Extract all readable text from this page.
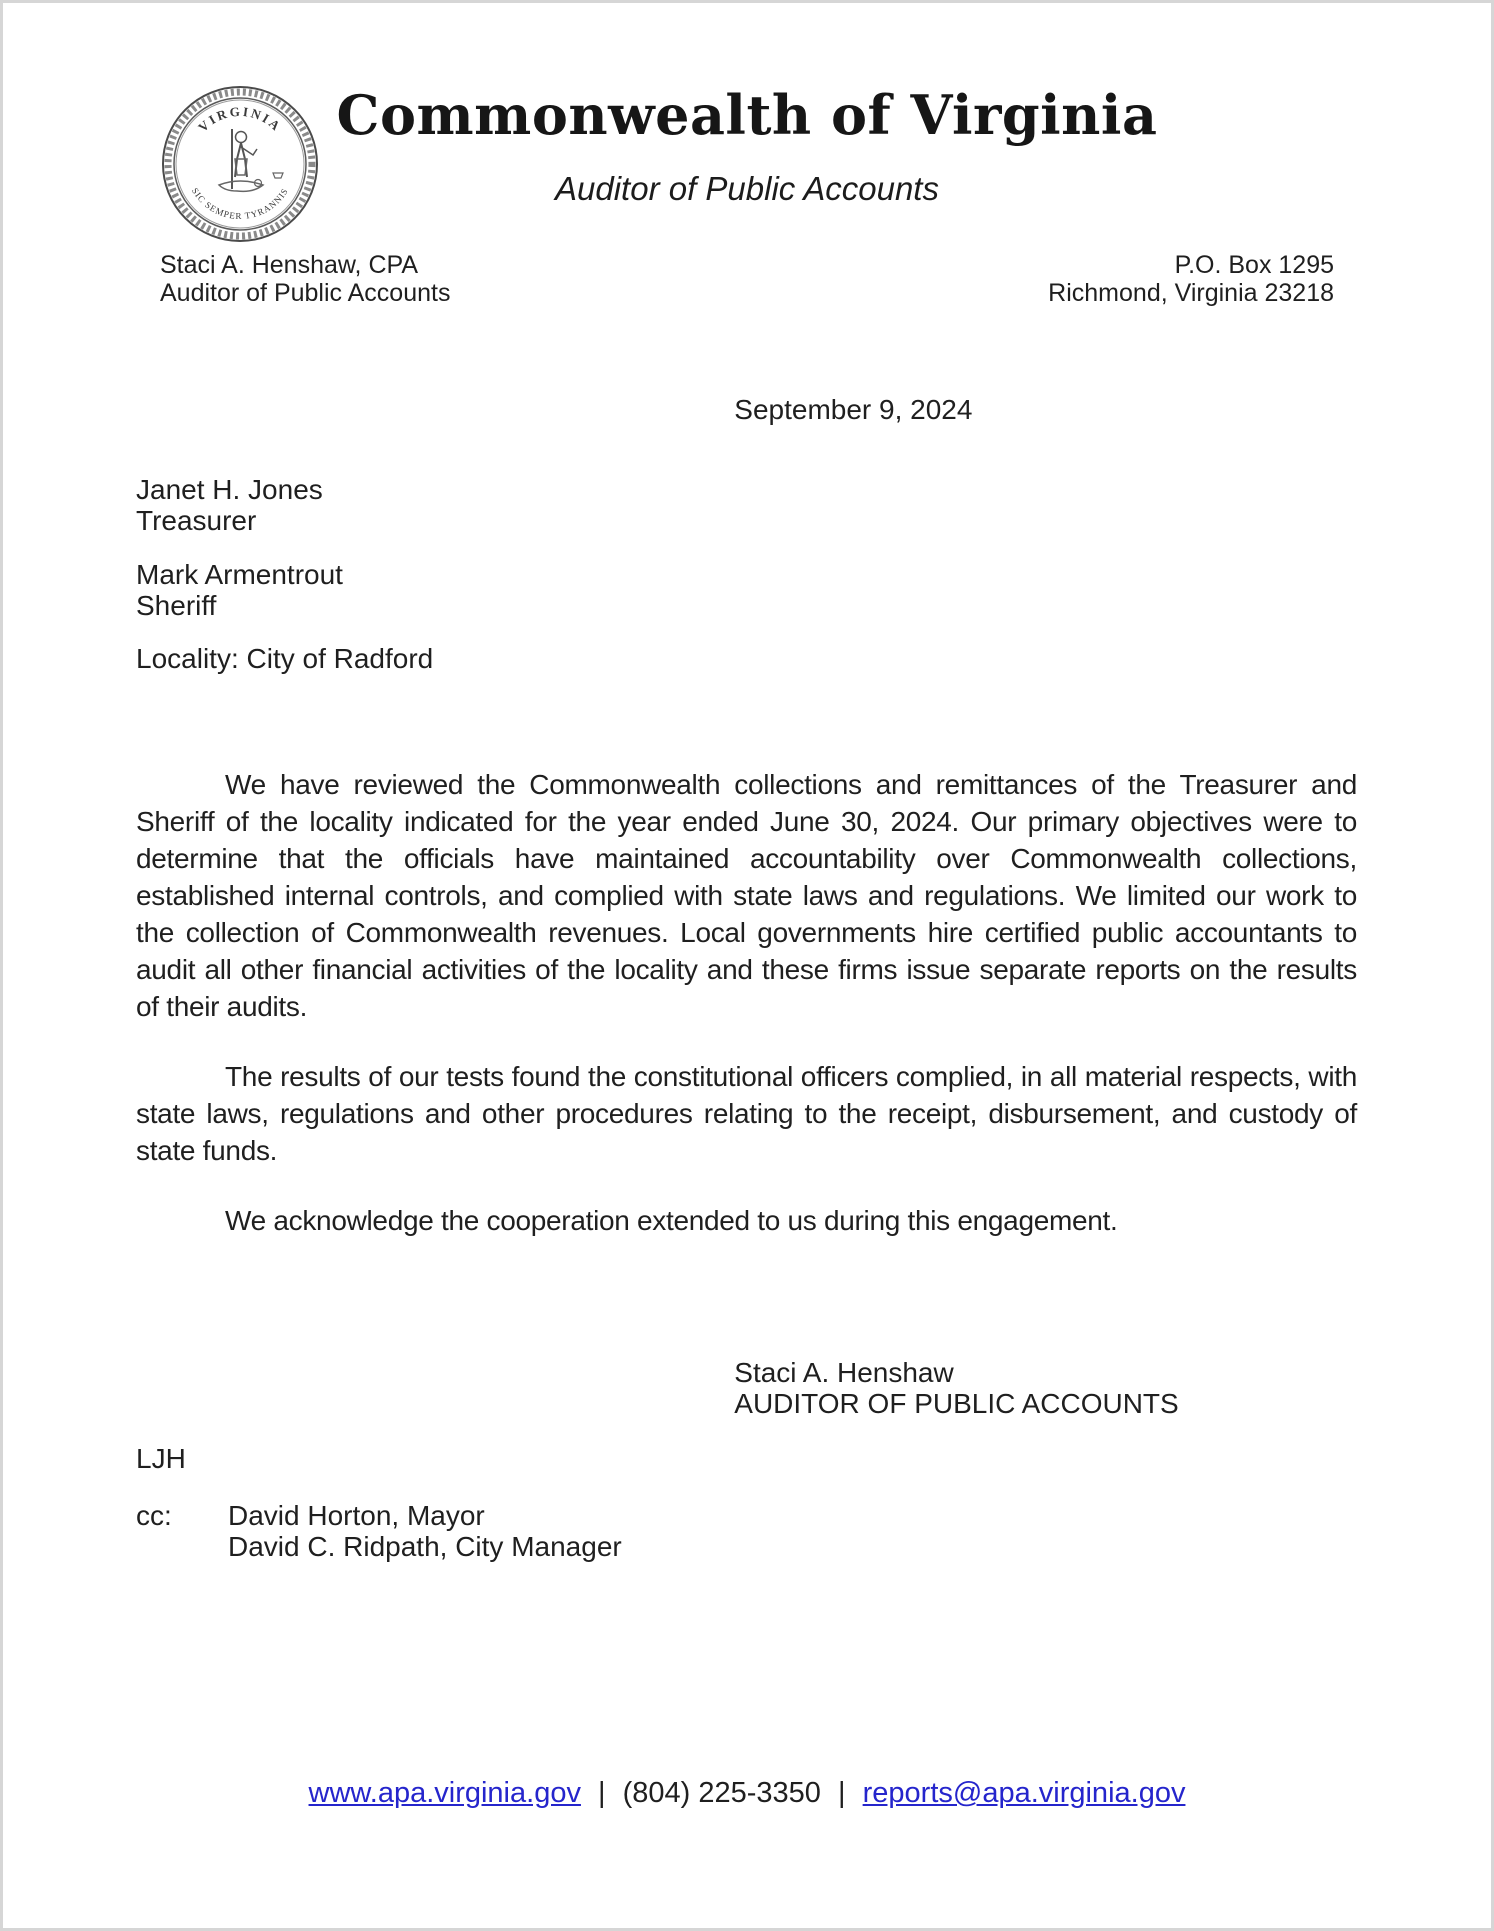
VIRGINIA
SIC SEMPER TYRANNIS
Commonwealth of Virginia
Auditor of Public Accounts
Staci A. Henshaw, CPA
Auditor of Public Accounts
P.O. Box 1295
Richmond, Virginia 23218
September 9, 2024
Janet H. Jones
Treasurer
Mark Armentrout
Sheriff
Locality: City of Radford

We have reviewed the Commonwealth collections and remittances of the Treasurer and Sheriff of the locality indicated for the year ended June 30, 2024. Our primary objectives were to determine that the officials have maintained accountability over Commonwealth collections, established internal controls, and complied with state laws and regulations. We limited our work to the collection of Commonwealth revenues. Local governments hire certified public accountants to audit all other financial activities of the locality and these firms issue separate reports on the results of their audits.

The results of our tests found the constitutional officers complied, in all material respects, with state laws, regulations and other procedures relating to the receipt, disbursement, and custody of state funds.

We acknowledge the cooperation extended to us during this engagement.

Staci A. Henshaw
AUDITOR OF PUBLIC ACCOUNTS
LJH
cc:	David Horton, Mayor
David C. Ridpath, City Manager
www.apa.virginia.gov | (804) 225-3350 | reports@apa.virginia.gov
